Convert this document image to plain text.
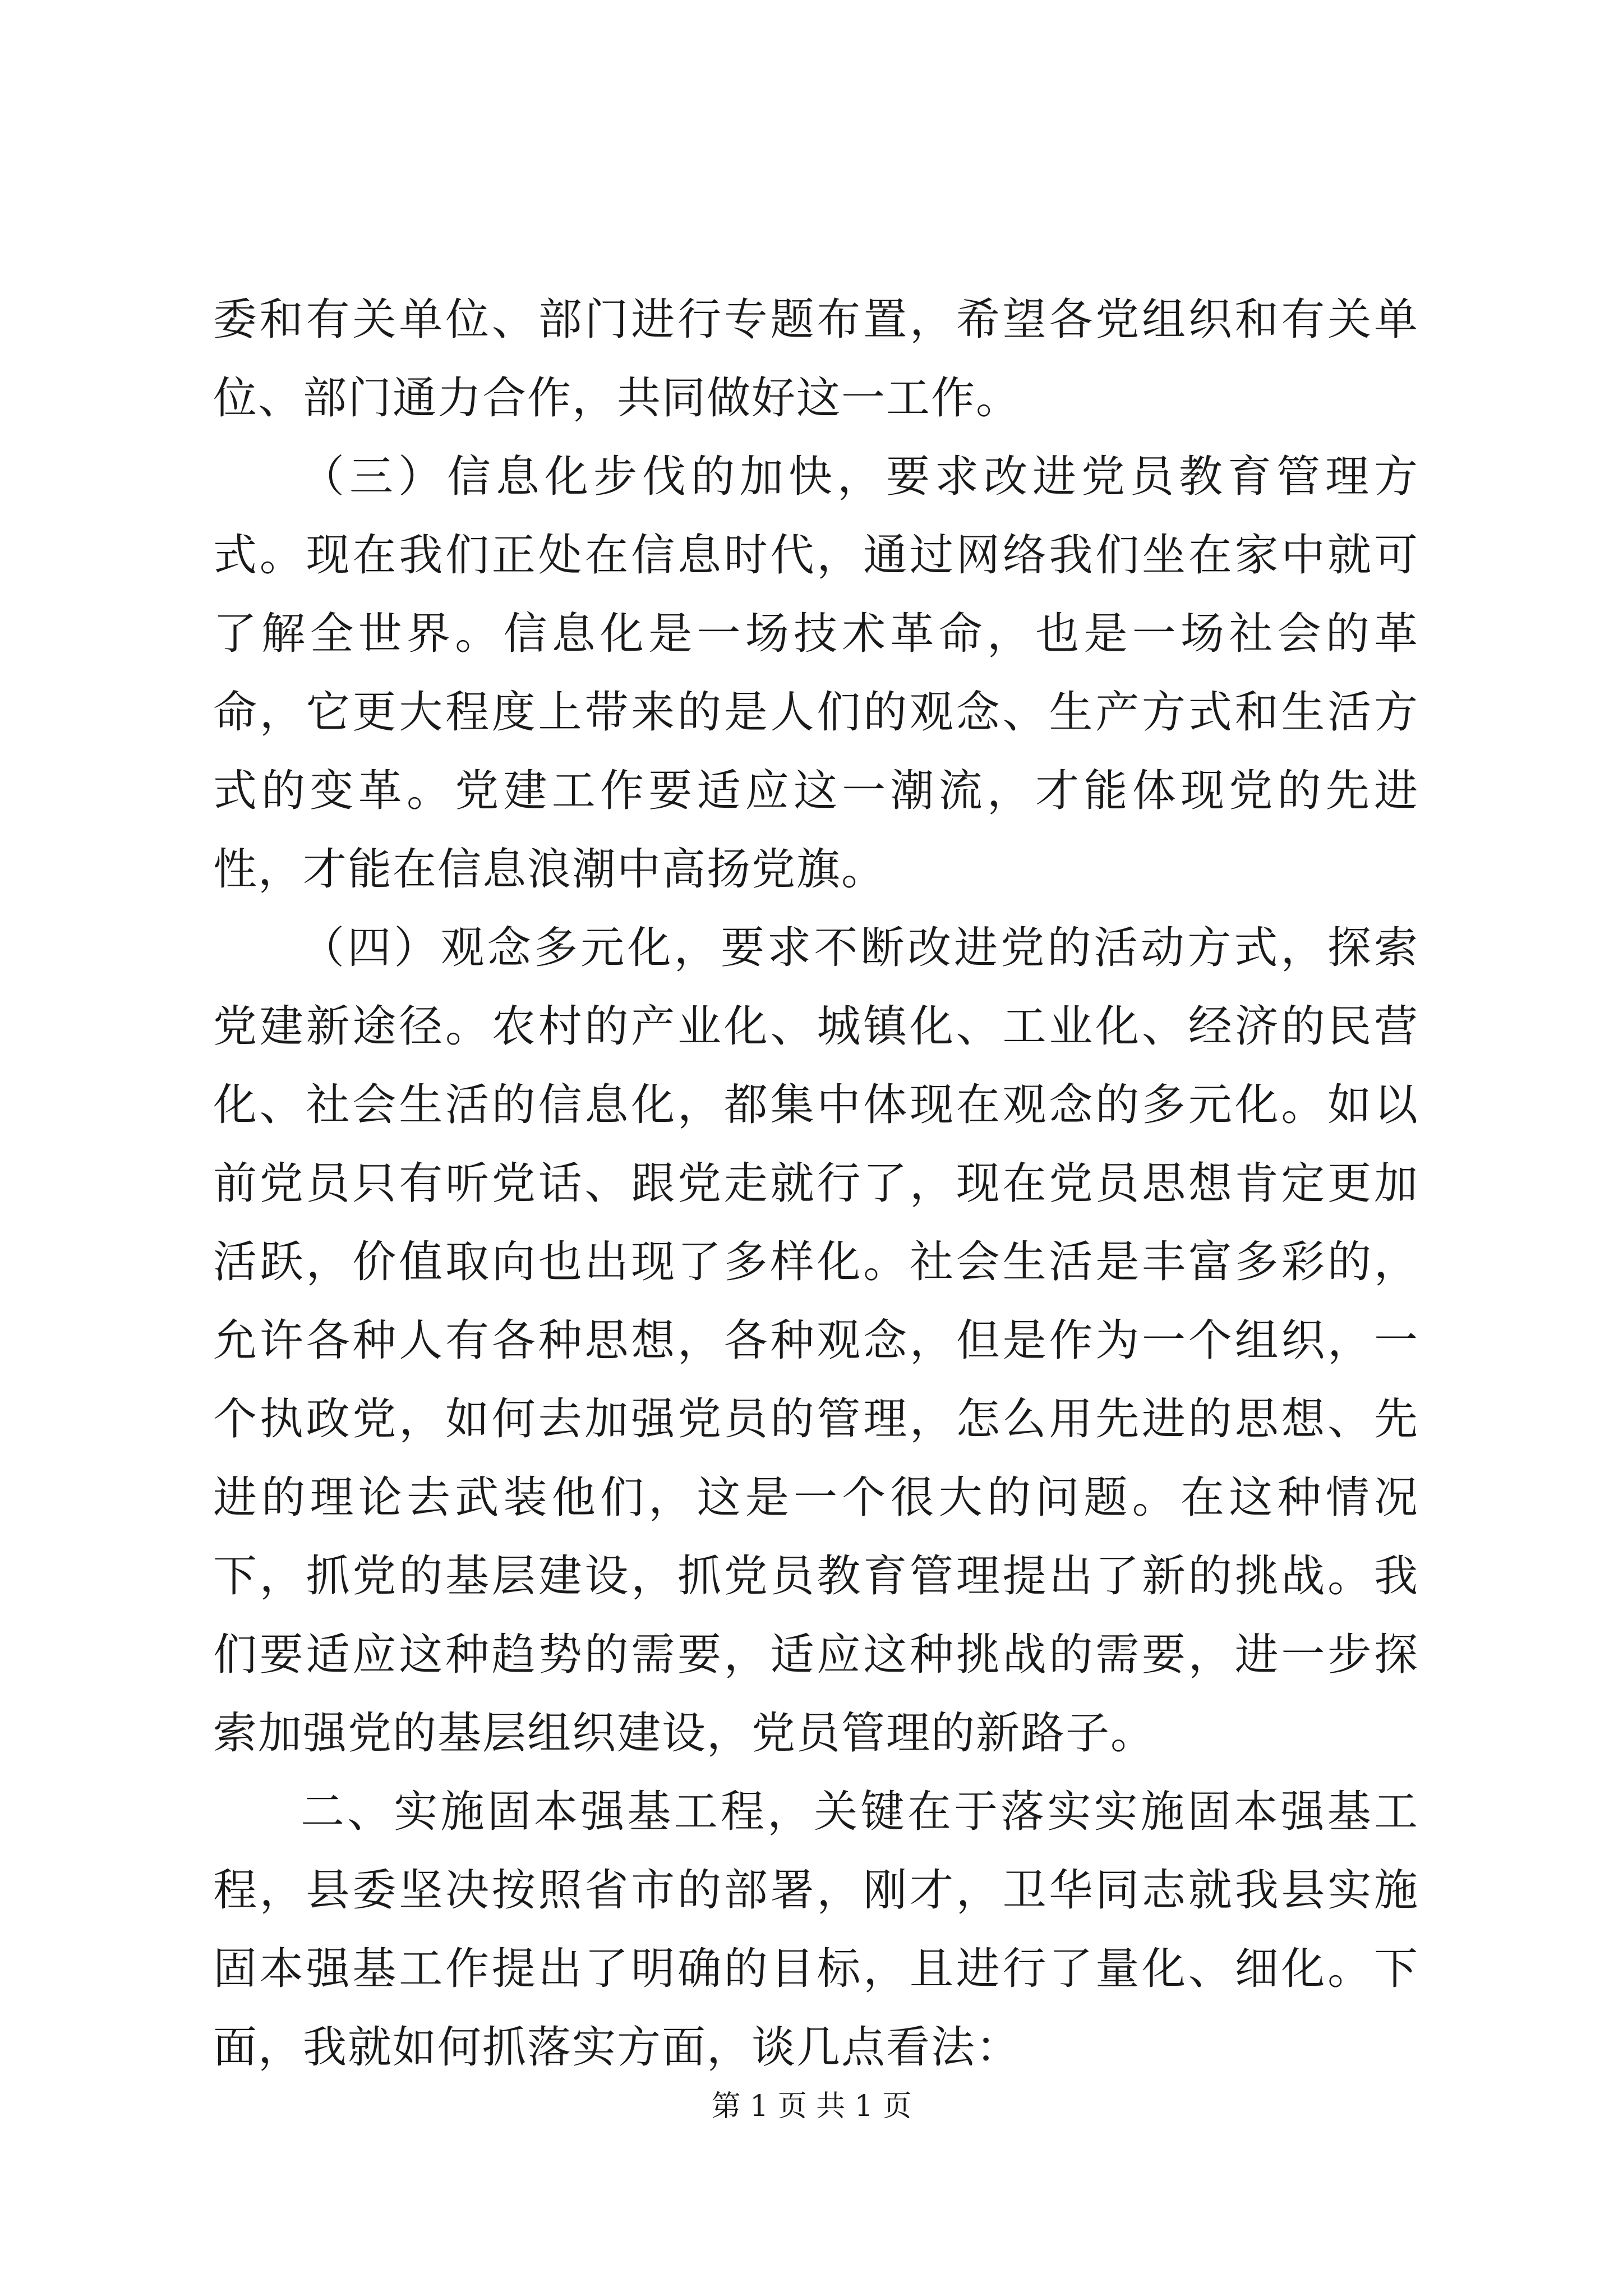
委和有关单位、部门进行专题布置，希望各党组织和有关单位、部门通力合作，共同做好这一工作。

（三）信息化步伐的加快，要求改进党员教育管理方式。现在我们正处在信息时代，通过网络我们坐在家中就可了解全世界。信息化是一场技术革命，也是一场社会的革命，它更大程度上带来的是人们的观念、生产方式和生活方式的变革。党建工作要适应这一潮流，才能体现党的先进性，才能在信息浪潮中高扬党旗。

（四）观念多元化，要求不断改进党的活动方式，探索党建新途径。农村的产业化、城镇化、工业化、经济的民营化、社会生活的信息化，都集中体现在观念的多元化。如以前党员只有听党话、跟党走就行了，现在党员思想肯定更加活跃，价值取向也出现了多样化。社会生活是丰富多彩的，允许各种人有各种思想，各种观念，但是作为一个组织，一个执政党，如何去加强党员的管理，怎么用先进的思想、先进的理论去武装他们，这是一个很大的问题。在这种情况下，抓党的基层建设，抓党员教育管理提出了新的挑战。我们要适应这种趋势的需要，适应这种挑战的需要，进一步探索加强党的基层组织建设，党员管理的新路子。

二、实施固本强基工程，关键在于落实实施固本强基工程，县委坚决按照省市的部署，刚才，卫华同志就我县实施固本强基工作提出了明确的目标，且进行了量化、细化。下面，我就如何抓落实方面，谈几点看法：

第 1 页 共 1 页
